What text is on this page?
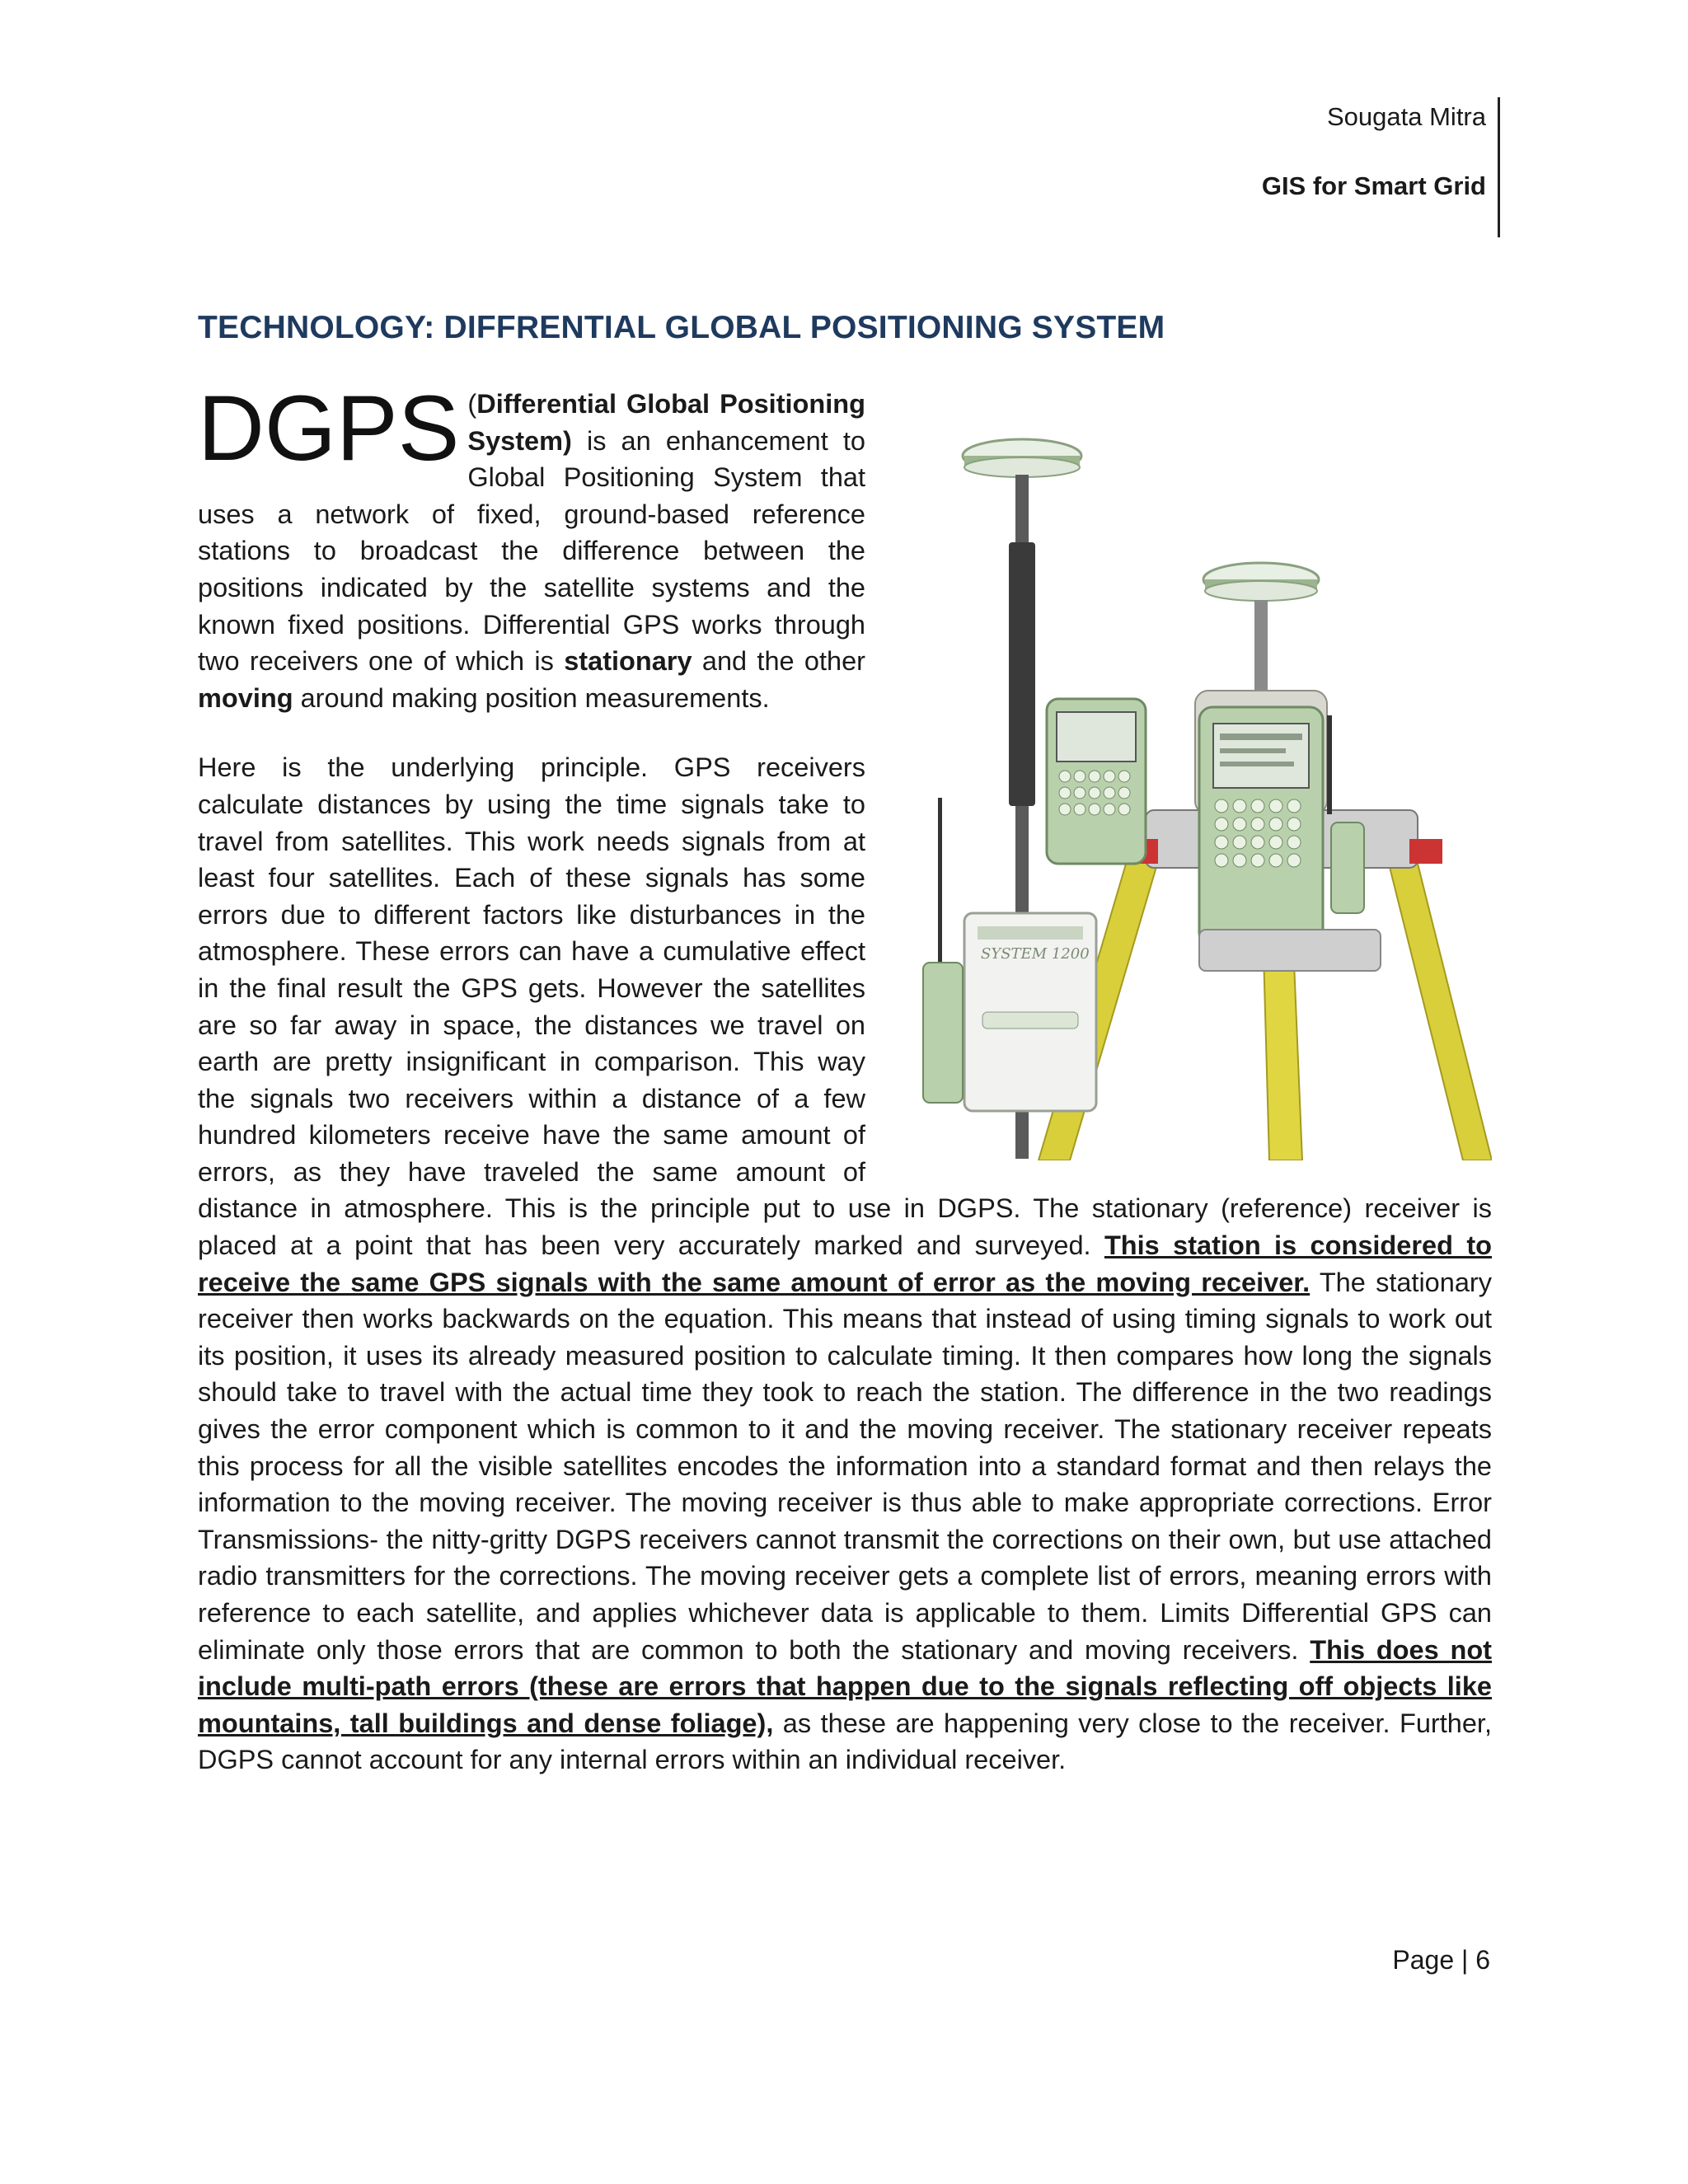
Sougata Mitra
GIS for Smart Grid
TECHNOLOGY: DIFFRENTIAL GLOBAL POSITIONING SYSTEM
DGPS
SYSTEM 1200

(Differential Global Positioning System) is an enhancement to Global Positioning System that uses a network of fixed, ground-based reference stations to broadcast the difference between the positions indicated by the satellite systems and the known fixed positions. Differential GPS works through two receivers one of which is stationary and the other moving around making position measurements.

Here is the underlying principle. GPS receivers calculate distances by using the time signals take to travel from satellites. This work needs signals from at least four satellites. Each of these signals has some errors due to different factors like disturbances in the atmosphere. These errors can have a cumulative effect in the final result the GPS gets. However the satellites are so far away in space, the distances we travel on earth are pretty insignificant in comparison. This way the signals two receivers within a distance of a few hundred kilometers receive have the same amount of errors, as they have traveled the same amount of distance in atmosphere. This is the principle put to use in DGPS. The stationary (reference) receiver is placed at a point that has been very accurately marked and surveyed. This station is considered to receive the same GPS signals with the same amount of error as the moving receiver. The stationary receiver then works backwards on the equation. This means that instead of using timing signals to work out its position, it uses its already measured position to calculate timing. It then compares how long the signals should take to travel with the actual time they took to reach the station. The difference in the two readings gives the error component which is common to it and the moving receiver. The stationary receiver repeats this process for all the visible satellites encodes the information into a standard format and then relays the information to the moving receiver. The moving receiver is thus able to make appropriate corrections. Error Transmissions- the nitty-gritty DGPS receivers cannot transmit the corrections on their own, but use attached radio transmitters for the corrections. The moving receiver gets a complete list of errors, meaning errors with reference to each satellite, and applies whichever data is applicable to them. Limits Differential GPS can eliminate only those errors that are common to both the stationary and moving receivers. This does not include multi-path errors (these are errors that happen due to the signals reflecting off objects like mountains, tall buildings and dense foliage), as these are happening very close to the receiver. Further, DGPS cannot account for any internal errors within an individual receiver.

Page | 6
